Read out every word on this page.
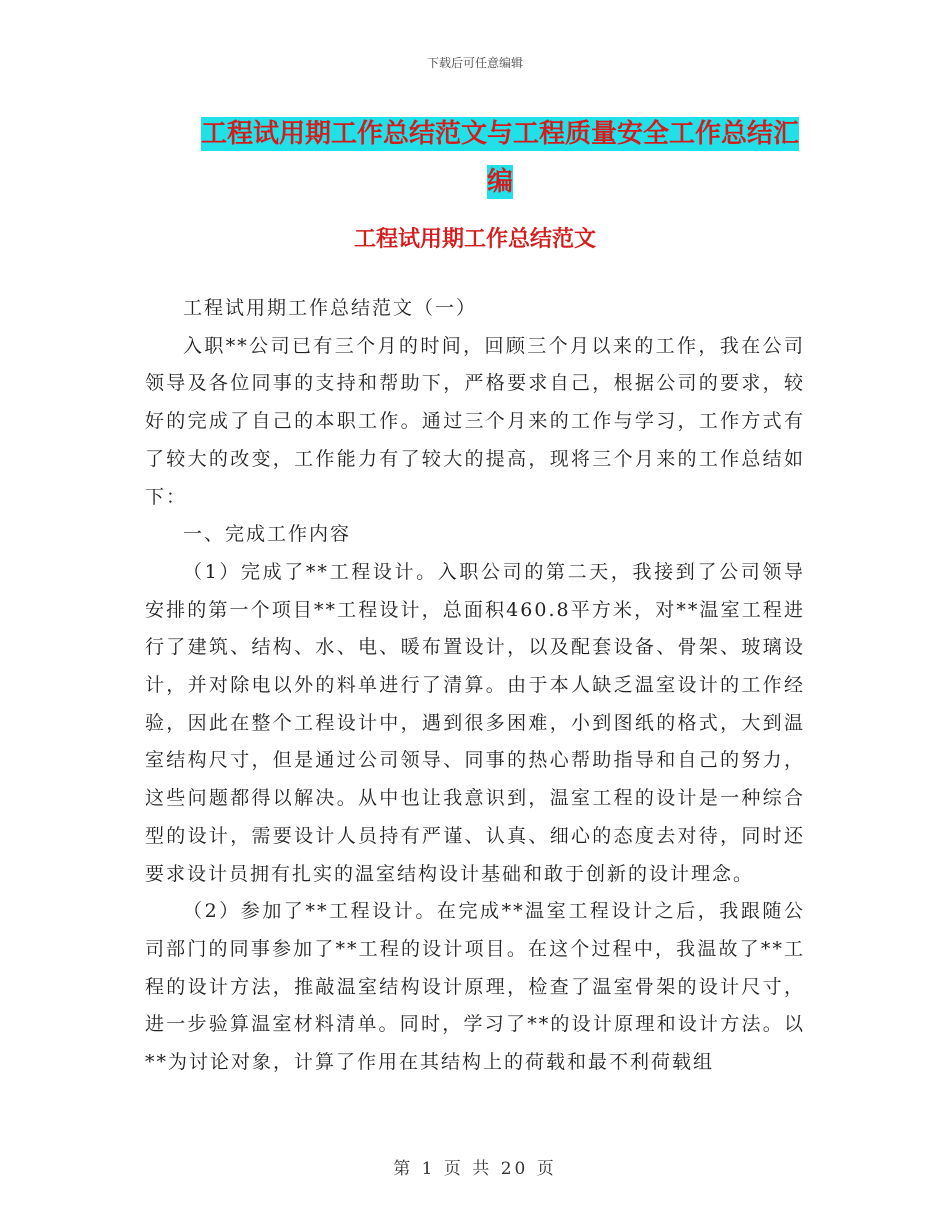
下载后可任意编辑
工程试用期工作总结范文与工程质量安全工作总结汇
编
工程试用期工作总结范文

工程试用期工作总结范文（一）

入职**公司已有三个月的时间，回顾三个月以来的工作，我在公司领导及各位同事的支持和帮助下，严格要求自己，根据公司的要求，较好的完成了自己的本职工作。通过三个月来的工作与学习，工作方式有了较大的改变，工作能力有了较大的提高，现将三个月来的工作总结如下：

一、完成工作内容

（1）完成了**工程设计。入职公司的第二天，我接到了公司领导安排的第一个项目**工程设计，总面积460.8平方米，对**温室工程进行了建筑、结构、水、电、暖布置设计，以及配套设备、骨架、玻璃设计，并对除电以外的料单进行了清算。由于本人缺乏温室设计的工作经验，因此在整个工程设计中，遇到很多困难，小到图纸的格式，大到温室结构尺寸，但是通过公司领导、同事的热心帮助指导和自己的努力，这些问题都得以解决。从中也让我意识到，温室工程的设计是一种综合型的设计，需要设计人员持有严谨、认真、细心的态度去对待，同时还要求设计员拥有扎实的温室结构设计基础和敢于创新的设计理念。

（2）参加了**工程设计。在完成**温室工程设计之后，我跟随公司部门的同事参加了**工程的设计项目。在这个过程中，我温故了**工程的设计方法，推敲温室结构设计原理，检查了温室骨架的设计尺寸，进一步验算温室材料清单。同时，学习了**的设计原理和设计方法。以**为讨论对象，计算了作用在其结构上的荷载和最不利荷载组

第 1 页 共 20 页
